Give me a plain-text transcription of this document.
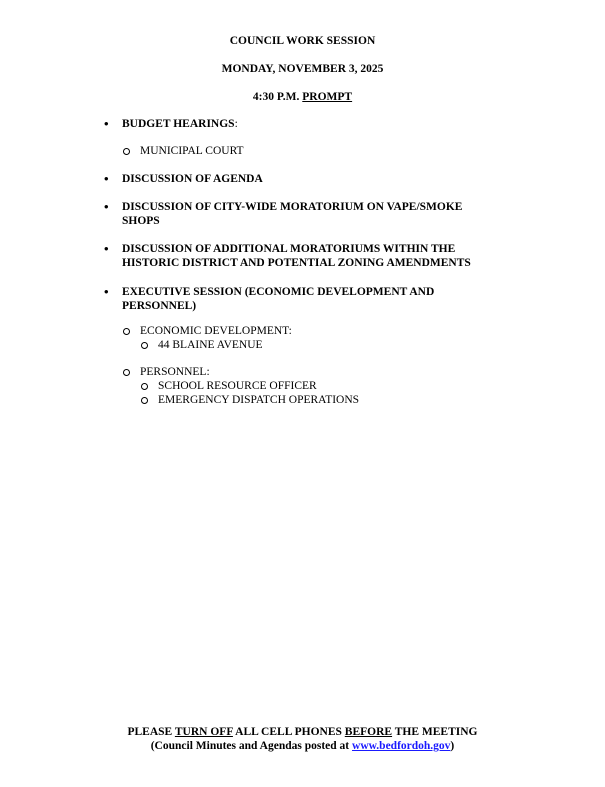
COUNCIL WORK SESSION
MONDAY, NOVEMBER 3, 2025
4:30 P.M. PROMPT
• BUDGET HEARINGS:
MUNICIPAL COURT
• DISCUSSION OF AGENDA
• DISCUSSION OF CITY-WIDE MORATORIUM ON VAPE/SMOKE
SHOPS
• DISCUSSION OF ADDITIONAL MORATORIUMS WITHIN THE
HISTORIC DISTRICT AND POTENTIAL ZONING AMENDMENTS
• EXECUTIVE SESSION (ECONOMIC DEVELOPMENT AND
PERSONNEL)
ECONOMIC DEVELOPMENT:
44 BLAINE AVENUE
PERSONNEL:
SCHOOL RESOURCE OFFICER
EMERGENCY DISPATCH OPERATIONS
PLEASE TURN OFF ALL CELL PHONES BEFORE THE MEETING
(Council Minutes and Agendas posted at www.bedfordoh.gov)
